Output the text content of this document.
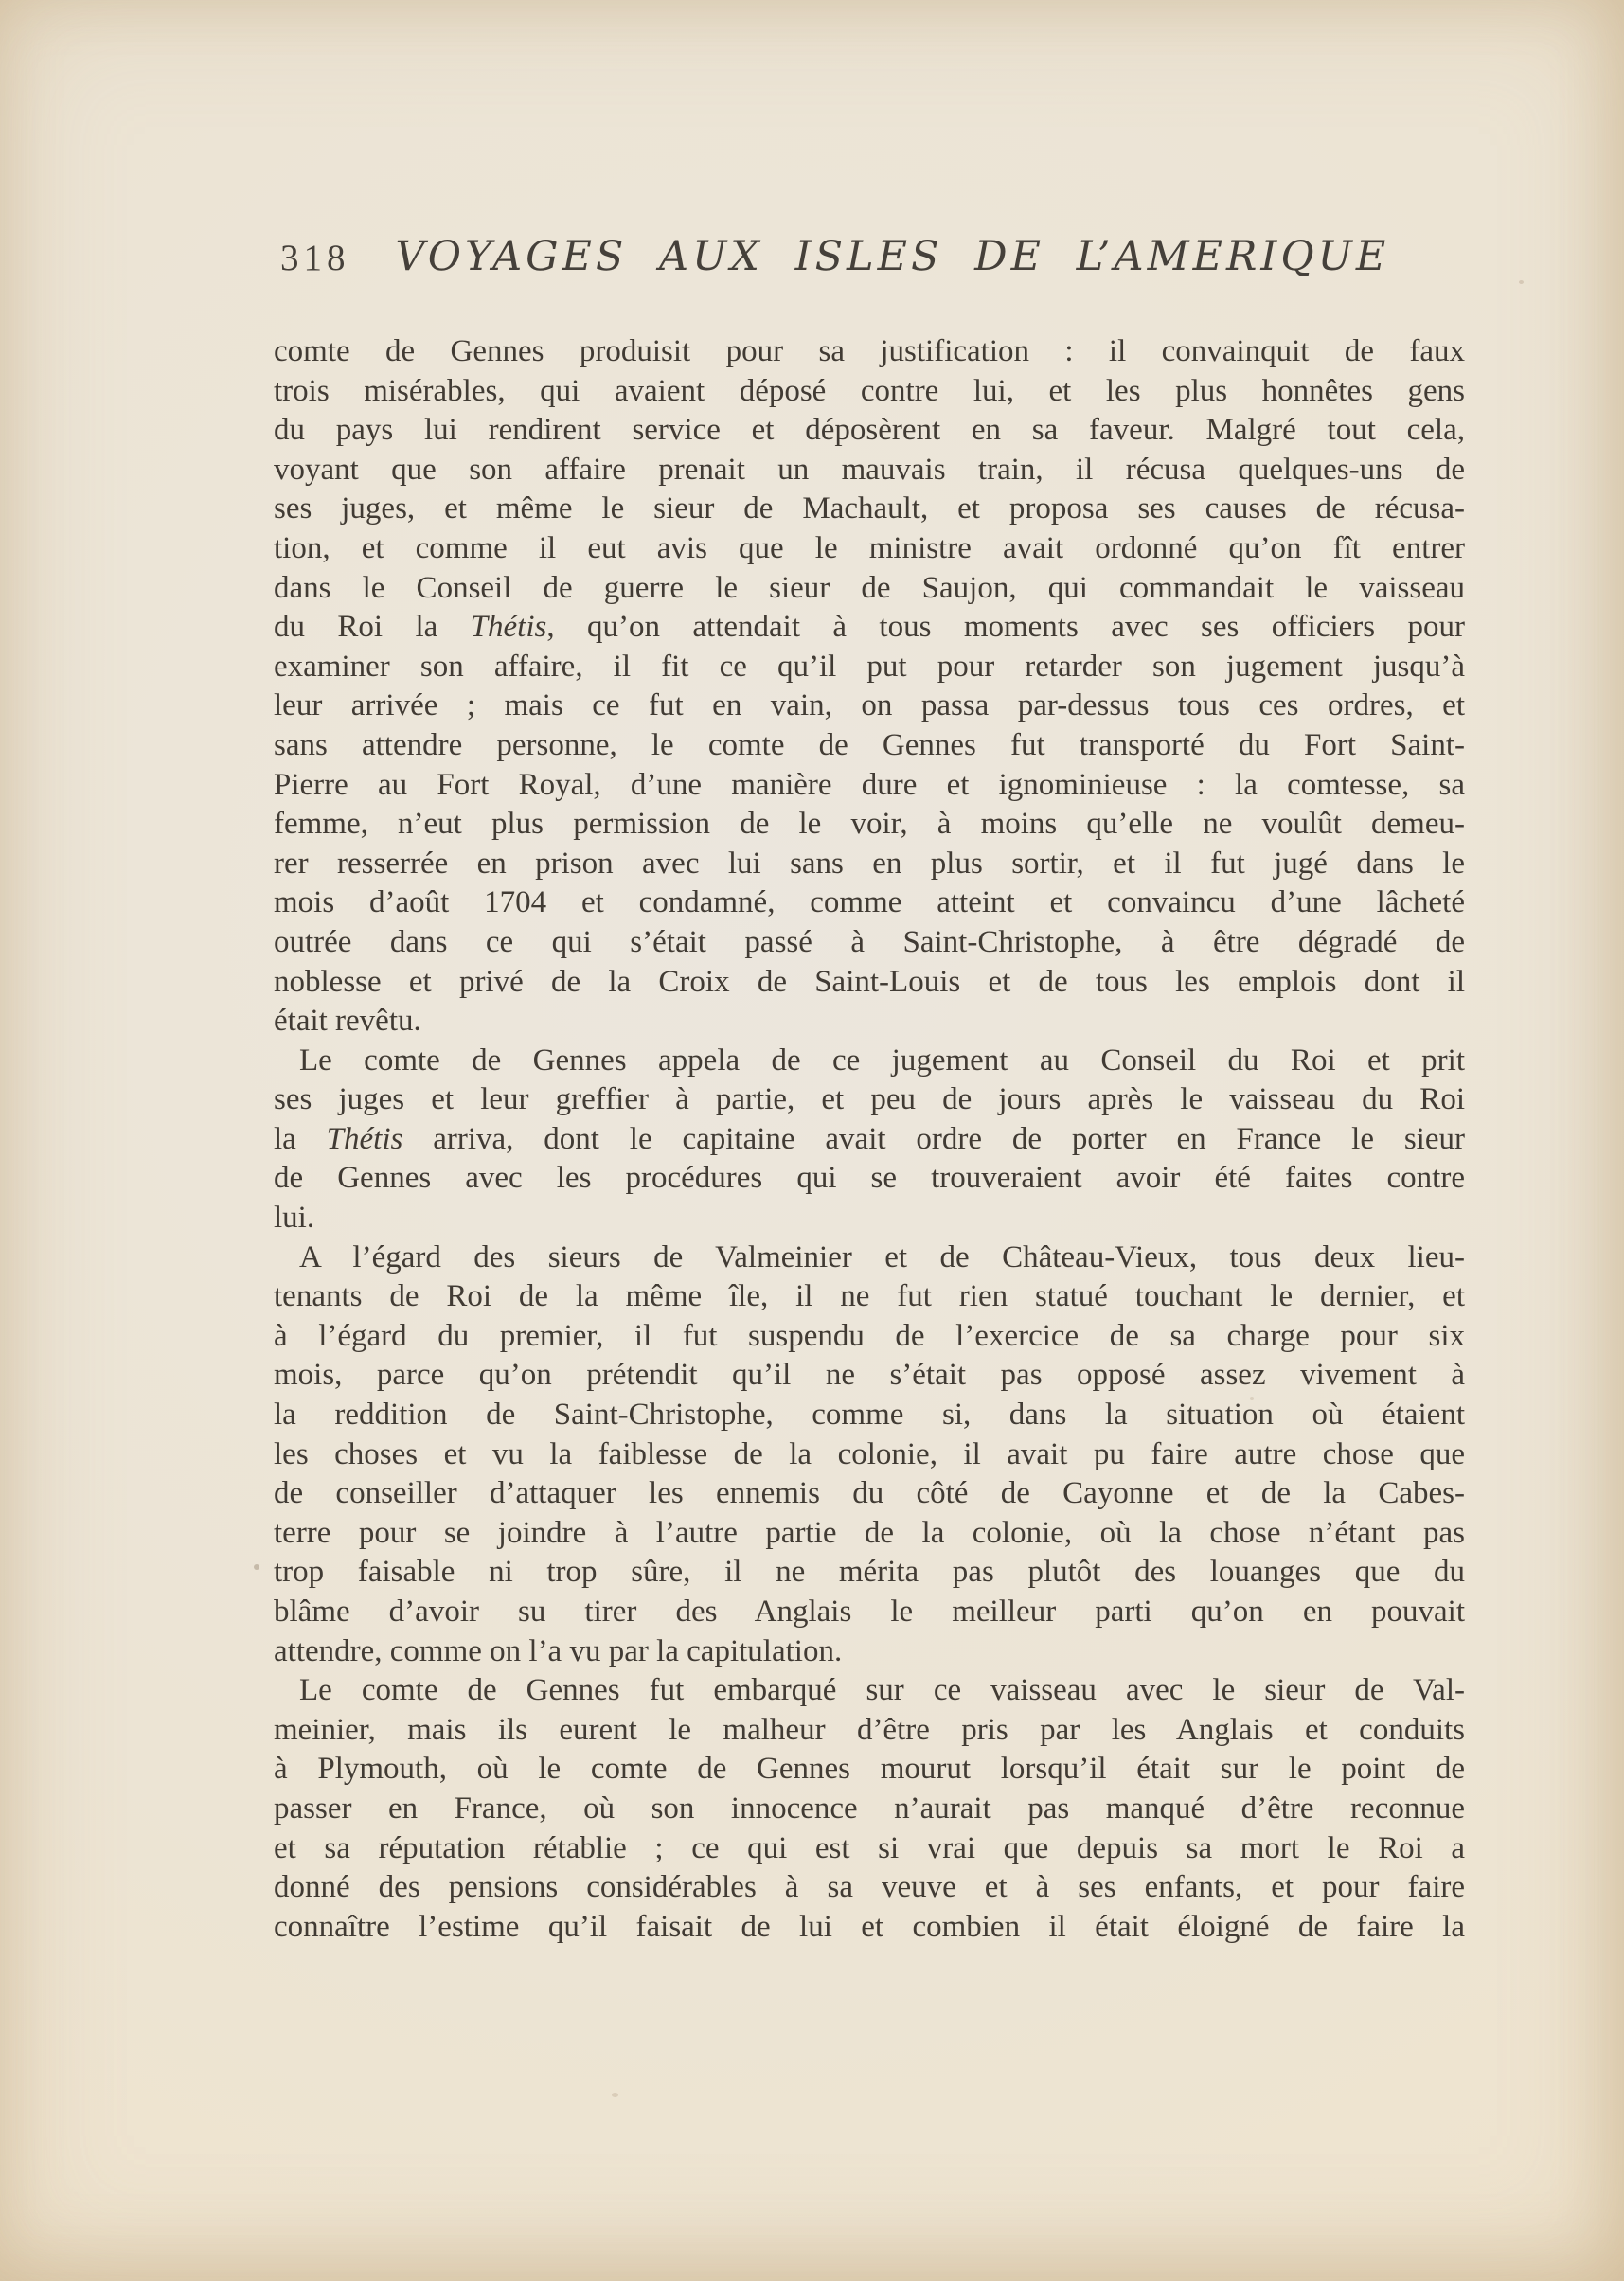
318 VOYAGES AUX ISLES DE L’AMERIQUE
comte de Gennes produisit pour sa justification : il convainquit de faux
trois misérables, qui avaient déposé contre lui, et les plus honnêtes gens
du pays lui rendirent service et déposèrent en sa faveur. Malgré tout cela,
voyant que son affaire prenait un mauvais train, il récusa quelques-uns de
ses juges, et même le sieur de Machault, et proposa ses causes de récusa-
tion, et comme il eut avis que le ministre avait ordonné qu’on fît entrer
dans le Conseil de guerre le sieur de Saujon, qui commandait le vaisseau
du Roi la Thétis, qu’on attendait à tous moments avec ses officiers pour
examiner son affaire, il fit ce qu’il put pour retarder son jugement jusqu’à
leur arrivée ; mais ce fut en vain, on passa par-dessus tous ces ordres, et
sans attendre personne, le comte de Gennes fut transporté du Fort Saint-
Pierre au Fort Royal, d’une manière dure et ignominieuse : la comtesse, sa
femme, n’eut plus permission de le voir, à moins qu’elle ne voulût demeu-
rer resserrée en prison avec lui sans en plus sortir, et il fut jugé dans le
mois d’août 1704 et condamné, comme atteint et convaincu d’une lâcheté
outrée dans ce qui s’était passé à Saint-Christophe, à être dégradé de
noblesse et privé de la Croix de Saint-Louis et de tous les emplois dont il
était revêtu.
Le comte de Gennes appela de ce jugement au Conseil du Roi et prit
ses juges et leur greffier à partie, et peu de jours après le vaisseau du Roi
la Thétis arriva, dont le capitaine avait ordre de porter en France le sieur
de Gennes avec les procédures qui se trouveraient avoir été faites contre
lui.
A l’égard des sieurs de Valmeinier et de Château-Vieux, tous deux lieu-
tenants de Roi de la même île, il ne fut rien statué touchant le dernier, et
à l’égard du premier, il fut suspendu de l’exercice de sa charge pour six
mois, parce qu’on prétendit qu’il ne s’était pas opposé assez vivement à
la reddition de Saint-Christophe, comme si, dans la situation où étaient
les choses et vu la faiblesse de la colonie, il avait pu faire autre chose que
de conseiller d’attaquer les ennemis du côté de Cayonne et de la Cabes-
terre pour se joindre à l’autre partie de la colonie, où la chose n’étant pas
trop faisable ni trop sûre, il ne mérita pas plutôt des louanges que du
blâme d’avoir su tirer des Anglais le meilleur parti qu’on en pouvait
attendre, comme on l’a vu par la capitulation.
Le comte de Gennes fut embarqué sur ce vaisseau avec le sieur de Val-
meinier, mais ils eurent le malheur d’être pris par les Anglais et conduits
à Plymouth, où le comte de Gennes mourut lorsqu’il était sur le point de
passer en France, où son innocence n’aurait pas manqué d’être reconnue
et sa réputation rétablie ; ce qui est si vrai que depuis sa mort le Roi a
donné des pensions considérables à sa veuve et à ses enfants, et pour faire
connaître l’estime qu’il faisait de lui et combien il était éloigné de faire la
